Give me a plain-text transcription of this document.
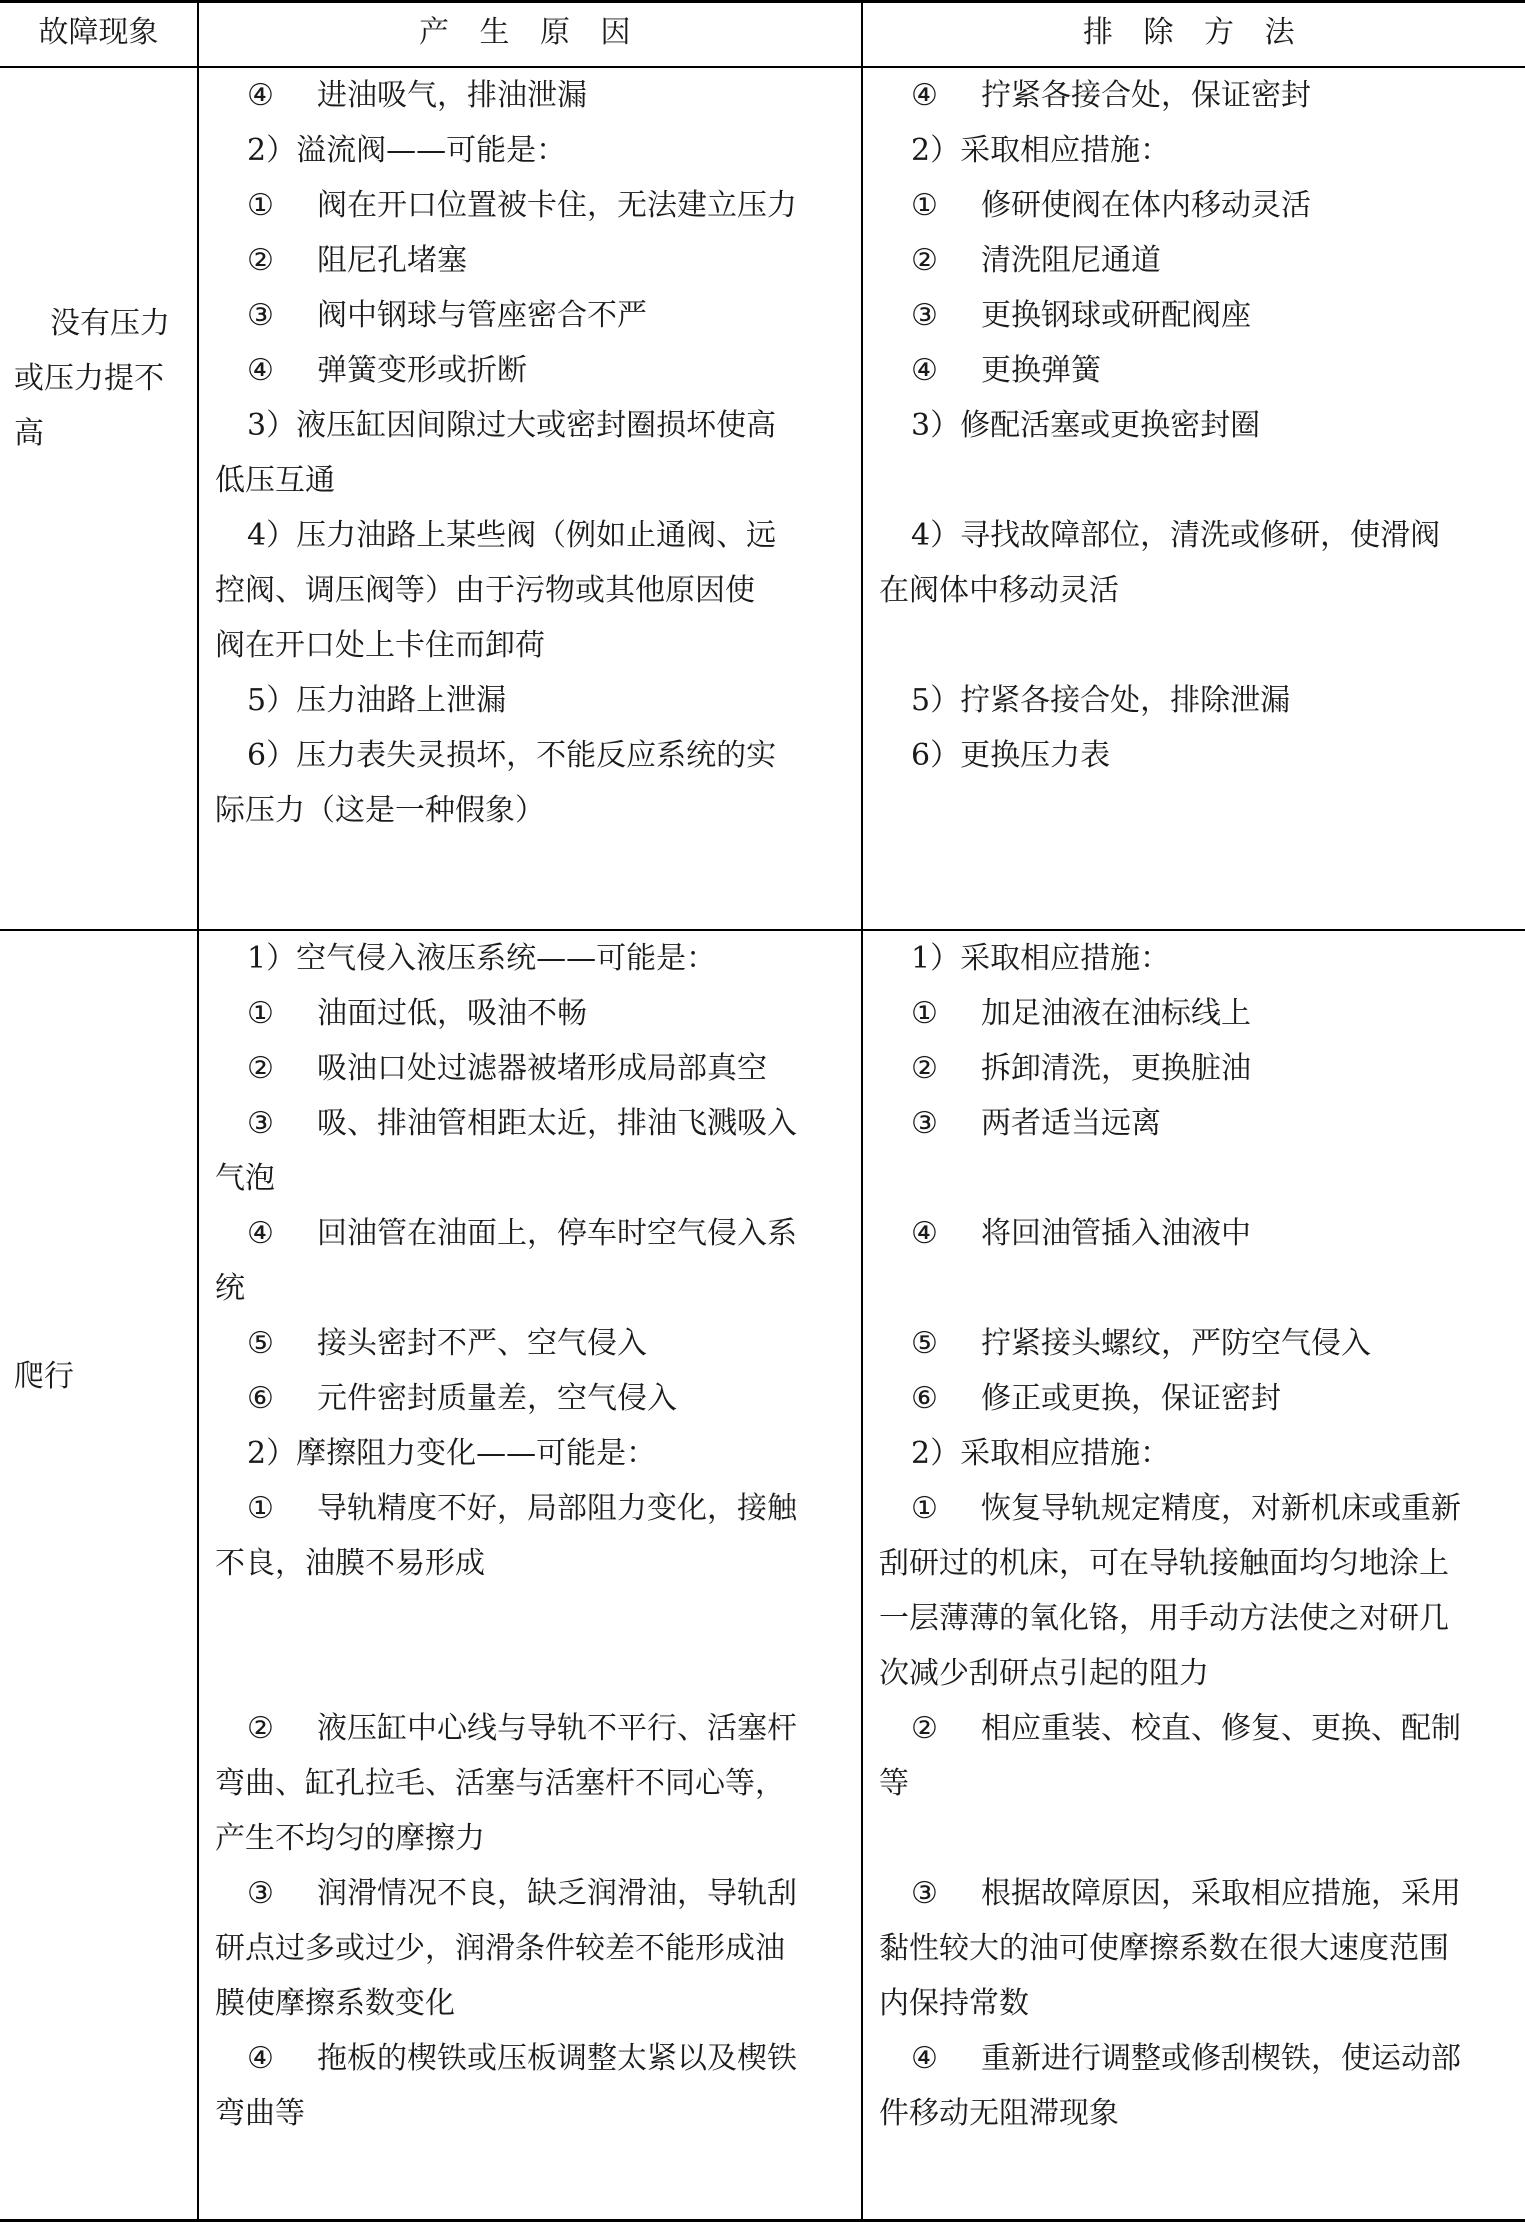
故障现象	产 生 原 因	排 除 方 法
没有压力
或压力提不
高
④ 进油吸气，排油泄漏
2）溢流阀——可能是：
① 阀在开口位置被卡住，无法建立压力
② 阻尼孔堵塞
③ 阀中钢球与管座密合不严
④ 弹簧变形或折断
3）液压缸因间隙过大或密封圈损坏使高
低压互通
4）压力油路上某些阀（例如止通阀、远
控阀、调压阀等）由于污物或其他原因使
阀在开口处上卡住而卸荷
5）压力油路上泄漏
6）压力表失灵损坏，不能反应系统的实
际压力（这是一种假象）
④ 拧紧各接合处，保证密封
2）采取相应措施：
① 修研使阀在体内移动灵活
② 清洗阻尼通道
③ 更换钢球或研配阀座
④ 更换弹簧
3）修配活塞或更换密封圈
4）寻找故障部位，清洗或修研，使滑阀
在阀体中移动灵活
5）拧紧各接合处，排除泄漏
6）更换压力表
爬行
1）空气侵入液压系统——可能是：
① 油面过低，吸油不畅
② 吸油口处过滤器被堵形成局部真空
③ 吸、排油管相距太近，排油飞溅吸入
气泡
④ 回油管在油面上，停车时空气侵入系
统
⑤ 接头密封不严、空气侵入
⑥ 元件密封质量差，空气侵入
2）摩擦阻力变化——可能是：
① 导轨精度不好，局部阻力变化，接触
不良，油膜不易形成
② 液压缸中心线与导轨不平行、活塞杆
弯曲、缸孔拉毛、活塞与活塞杆不同心等，
产生不均匀的摩擦力
③ 润滑情况不良，缺乏润滑油，导轨刮
研点过多或过少，润滑条件较差不能形成油
膜使摩擦系数变化
④ 拖板的楔铁或压板调整太紧以及楔铁
弯曲等
1）采取相应措施：
① 加足油液在油标线上
② 拆卸清洗，更换脏油
③ 两者适当远离
④ 将回油管插入油液中
⑤ 拧紧接头螺纹，严防空气侵入
⑥ 修正或更换，保证密封
2）采取相应措施：
① 恢复导轨规定精度，对新机床或重新
刮研过的机床，可在导轨接触面均匀地涂上
一层薄薄的氧化铬，用手动方法使之对研几
次减少刮研点引起的阻力
② 相应重装、校直、修复、更换、配制
等
③ 根据故障原因，采取相应措施，采用
黏性较大的油可使摩擦系数在很大速度范围
内保持常数
④ 重新进行调整或修刮楔铁，使运动部
件移动无阻滞现象
